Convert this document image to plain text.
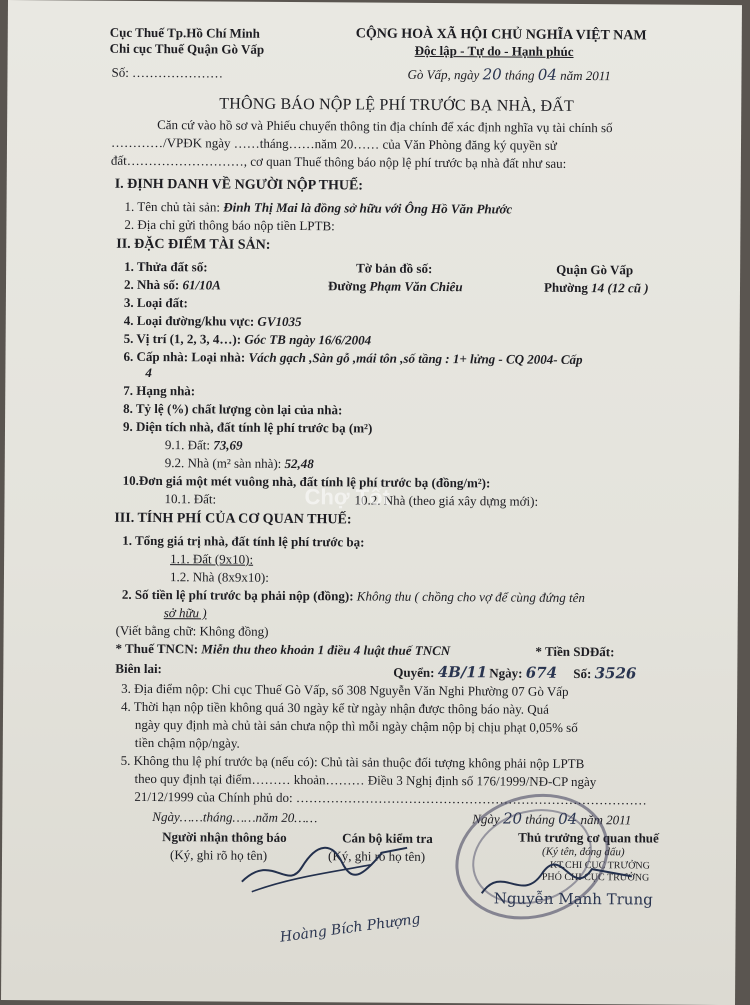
Cục Thuế Tp.Hồ Chí Minh
Chi cục Thuế Quận Gò Vấp
Số: …………………
CỘNG HOÀ XÃ HỘI CHỦ NGHĨA VIỆT NAM
Độc lập - Tự do - Hạnh phúc
Gò Vấp, ngày 20 tháng 04 năm 2011
THÔNG BÁO NỘP LỆ PHÍ TRƯỚC BẠ NHÀ, ĐẤT
Căn cứ vào hồ sơ và Phiếu chuyển thông tin địa chính để xác định nghĩa vụ tài chính số
…………/VPĐK ngày ……tháng……năm 20…… của Văn Phòng đăng ký quyền sử
đất………………………, cơ quan Thuế thông báo nộp lệ phí trước bạ nhà đất như sau:
I. ĐỊNH DANH VỀ NGƯỜI NỘP THUẾ:
1. Tên chủ tài sản: Đinh Thị Mai là đồng sở hữu với Ông Hồ Văn Phước
2. Địa chỉ gửi thông báo nộp tiền LPTB:
II. ĐẶC ĐIỂM TÀI SẢN:
1. Thửa đất số:	Tờ bản đồ số:	Quận Gò Vấp
2. Nhà số: 61/10A	Đường Phạm Văn Chiêu	Phường 14 (12 cũ )
3. Loại đất:
4. Loại đường/khu vực: GV1035
5. Vị trí (1, 2, 3, 4…): Góc TB ngày 16/6/2004
6. Cấp nhà: Loại nhà: Vách gạch ,Sàn gỗ ,mái tôn ,số tầng : 1+ lửng - CQ 2004- Cấp
4
7. Hạng nhà:
8. Tỷ lệ (%) chất lượng còn lại của nhà:
9. Diện tích nhà, đất tính lệ phí trước bạ (m²)
9.1. Đất: 73,69
9.2. Nhà (m² sàn nhà): 52,48
10.Đơn giá một mét vuông nhà, đất tính lệ phí trước bạ (đồng/m²):
10.1. Đất:	10.2. Nhà (theo giá xây dựng mới):
III. TÍNH PHÍ CỦA CƠ QUAN THUẾ:
1. Tổng giá trị nhà, đất tính lệ phí trước bạ:
1.1. Đất (9x10):
1.2. Nhà (8x9x10):
2. Số tiền lệ phí trước bạ phải nộp (đồng): Không thu ( chồng cho vợ để cùng đứng tên
sở hữu )
(Viết bằng chữ: Không đồng)
* Thuế TNCN: Miễn thu theo khoản 1 điều 4 luật thuế TNCN	* Tiền SDĐất:
Biên lai:	Quyển: 4B/11 Ngày: 674 Số: 3526
3. Địa điểm nộp: Chi cục Thuế Gò Vấp, số 308 Nguyễn Văn Nghi Phường 07 Gò Vấp
4. Thời hạn nộp tiền không quá 30 ngày kể từ ngày nhận được thông báo này. Quá
ngày quy định mà chủ tài sản chưa nộp thì mỗi ngày chậm nộp bị chịu phạt 0,05% số
tiền chậm nộp/ngày.
5. Không thu lệ phí trước bạ (nếu có): Chủ tài sản thuộc đối tượng không phải nộp LPTB
theo quy định tại điểm……… khoản……… Điều 3 Nghị định số 176/1999/NĐ-CP ngày
21/12/1999 của Chính phủ do: ………………………………………………………………………
Ngày……tháng……năm 20……	Ngày 20 tháng 04 năm 2011
Người nhận thông báo
(Ký, ghi rõ họ tên)
Cán bộ kiểm tra
(Ký, ghi rõ họ tên)
Thủ trưởng cơ quan thuế
(Ký tên, đóng dấu)
KT.CHI CỤC TRƯỞNG
PHÓ CHI CỤC TRƯỞNG
Nguyễn Mạnh Trung
Hoàng Bích Phượng
Chợ Tốt
